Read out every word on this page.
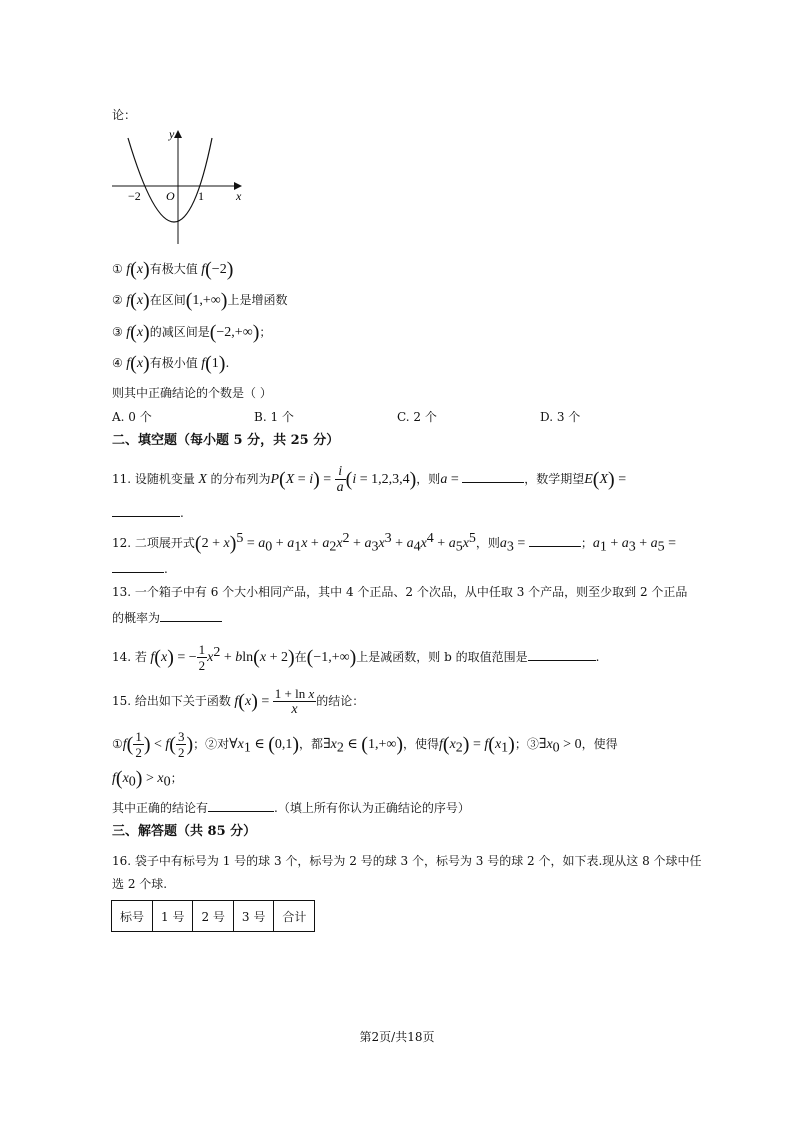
论：
y
x
O
−2	1
① f(x)有极大值 f(−2)
② f(x)在区间(1,+∞)上是增函数
③ f(x)的减区间是(−2,+∞)；
④ f(x)有极小值 f(1).
则其中正确结论的个数是（ ）
A. 0 个	B. 1 个	C. 2 个	D. 3 个
二、填空题（每小题 5 分，共 25 分）
11. 设随机变量 X 的分布列为$P(X = i) = \frac{i}{a} (i = 1,2,3,4)$，则a =	，数学期望E(X) =
.
12. 二项展开式$(2 + x)^5 = a_0 + a_1x + a_2x^2 + a_3x^3 + a_4x^4 + a_5x^5$，则$a_3$ =	；$a_1 + a_3 + a_5$ =
.
13. 一个箱子中有 6 个大小相同产品，其中 4 个正品、2 个次品，从中任取 3 个产品，则至少取到 2 个正品
的概率为
14. 若 f(x) = − $\frac{1}{2} x^2 + bln(x + 2)$在(−1,+∞)上是减函数，则 b 的取值范围是	.
15. 给出如下关于函数 $f(x) = \frac{\text{1 + ln x}}{x}$ 的结论：
①f( $\frac{1}{2}$ ) < $f( \frac{3}{2}$ )；②对$\forall x_1$ ∈ (0,1)，都$\exists x_2$ ∈ (1,+∞)，使得$f(x_2) = f(x_1)$；$③\exists x_0 > 0$，使得
$f(x_0) > x_0$；
其中正确的结论有	.（填上所有你认为正确结论的序号）
三、解答题（共 85 分）
16. 袋子中有标号为 1 号的球 3 个，标号为 2 号的球 3 个，标号为 3 号的球 2 个，如下表.现从这 8 个球中任
选 2 个球.
标号	1 号	2 号	3 号	合计
第2页/共18页
